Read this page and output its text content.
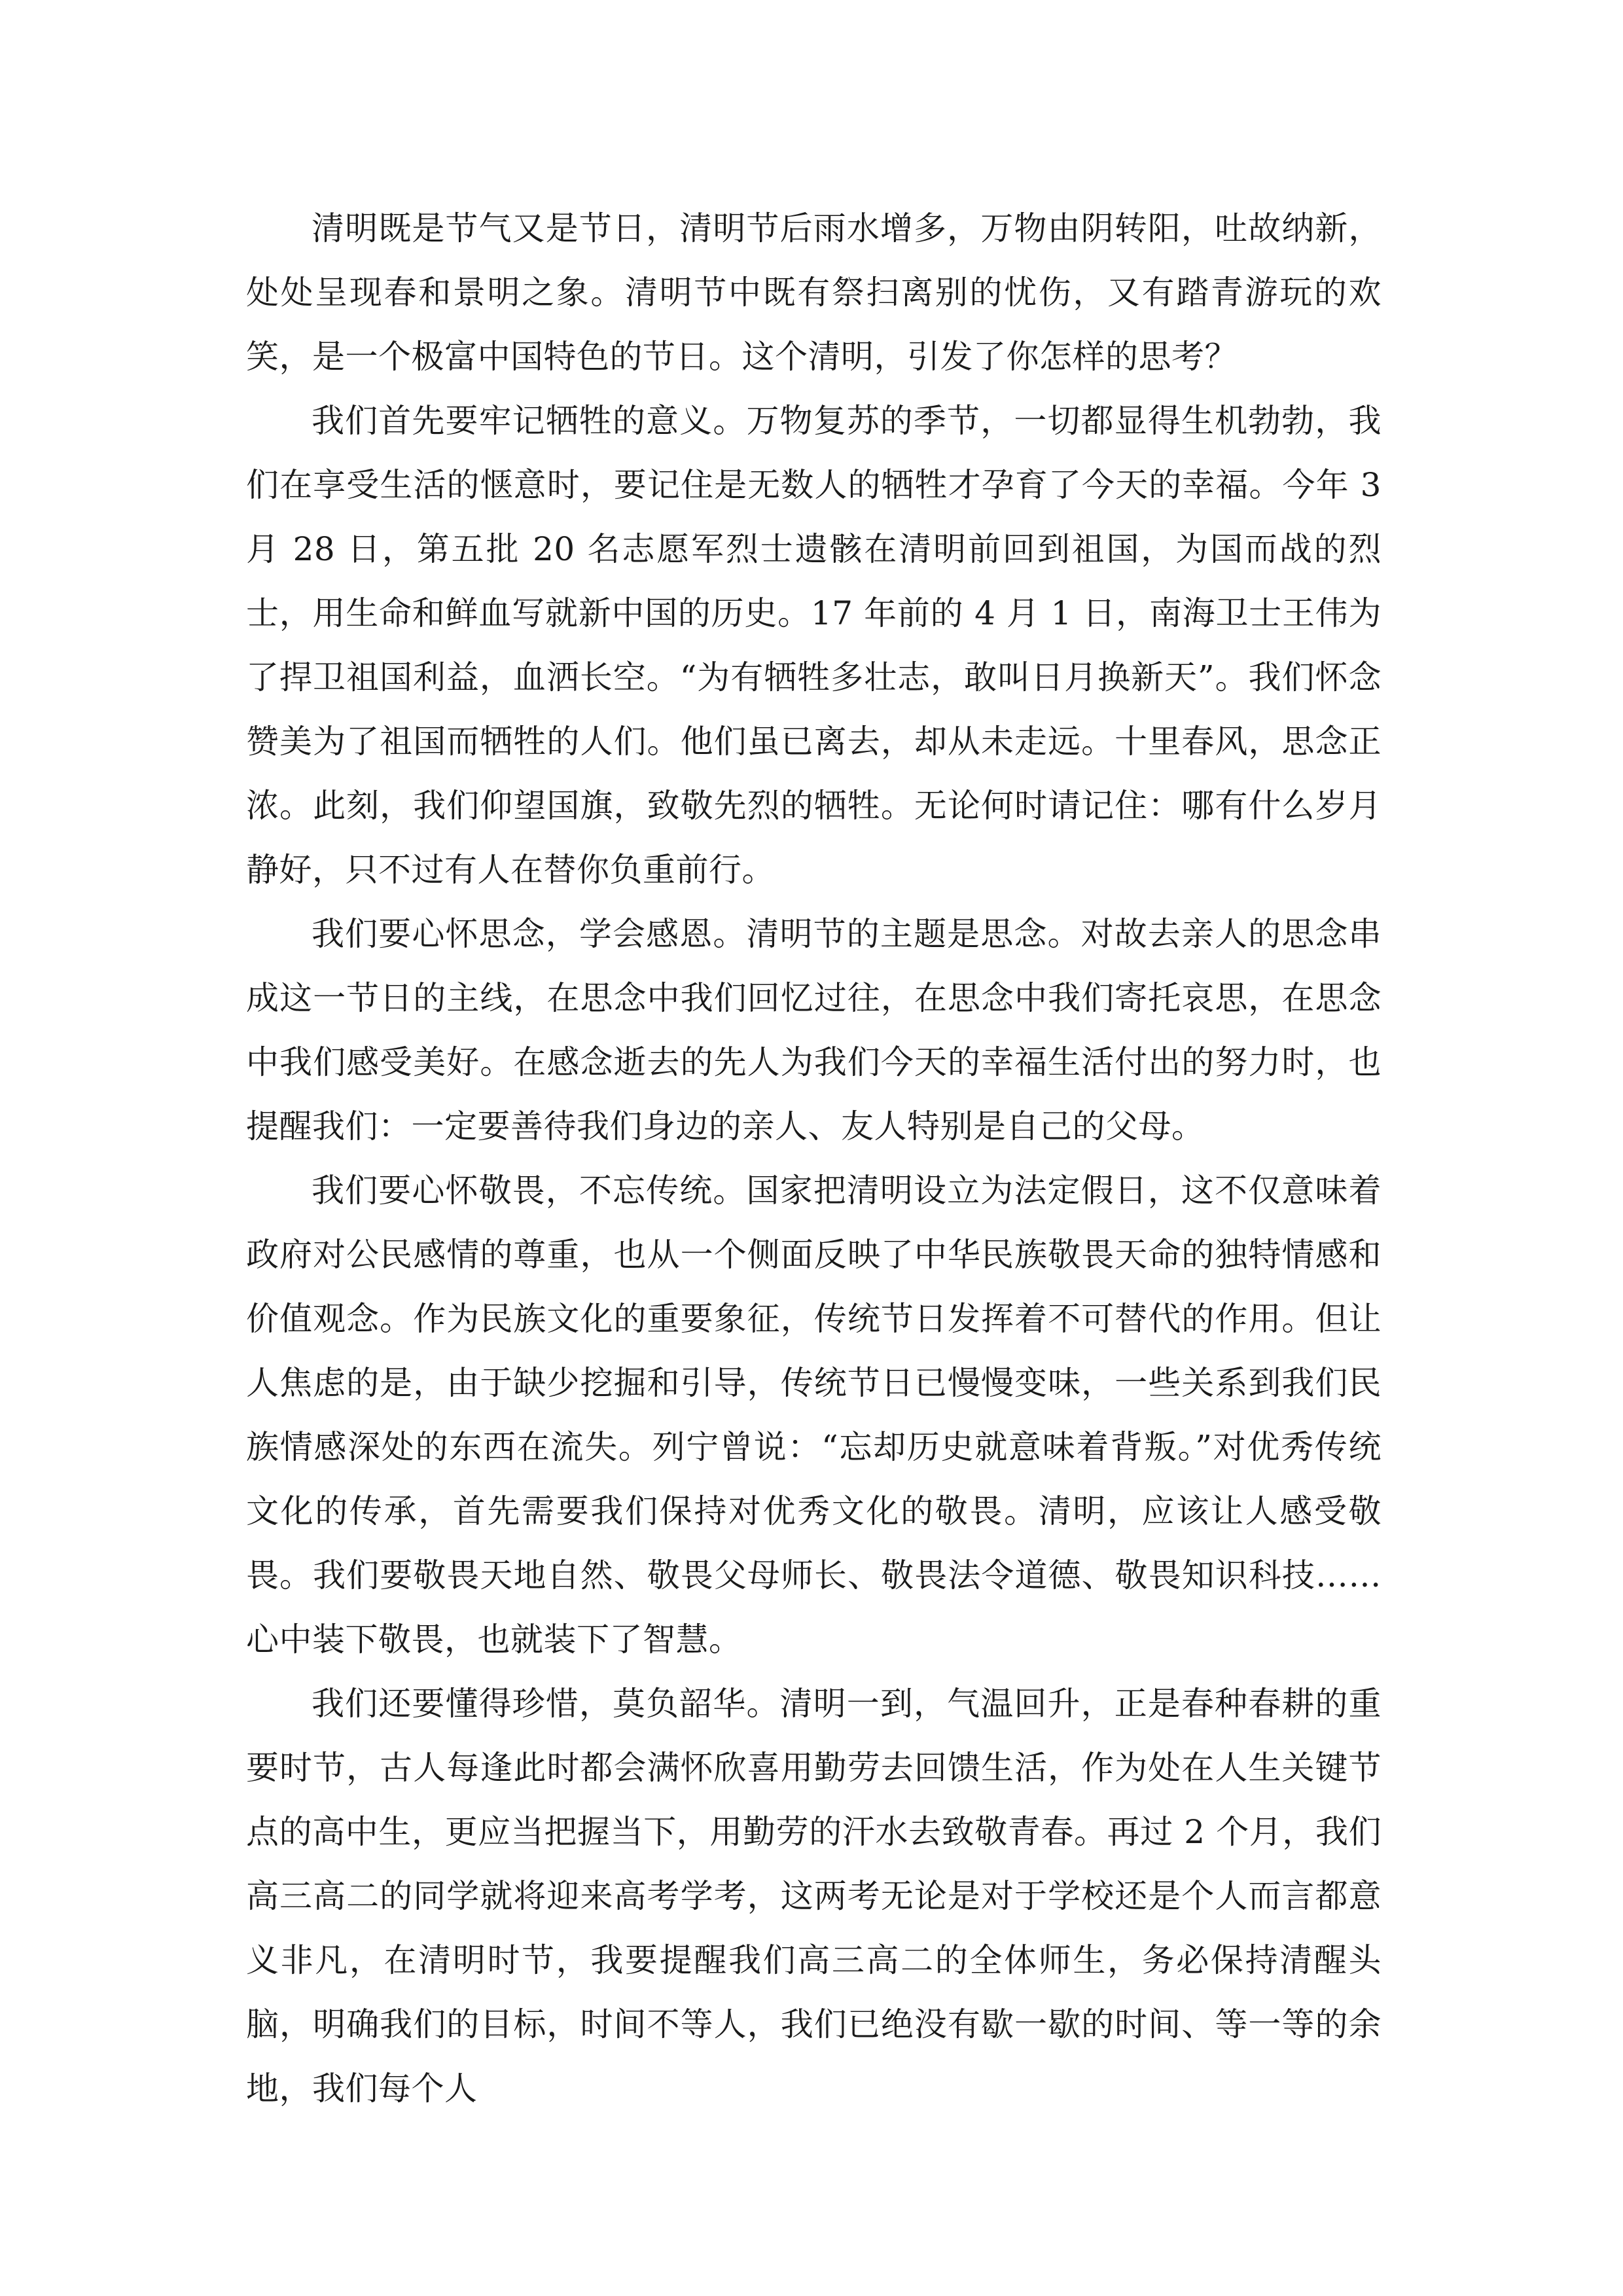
清明既是节气又是节日，清明节后雨水增多，万物由阴转阳，吐故纳新，处处呈现春和景明之象。清明节中既有祭扫离别的忧伤，又有踏青游玩的欢笑，是一个极富中国特色的节日。这个清明，引发了你怎样的思考？

我们首先要牢记牺牲的意义。万物复苏的季节，一切都显得生机勃勃，我们在享受生活的惬意时，要记住是无数人的牺牲才孕育了今天的幸福。今年 3 月 28 日，第五批 20 名志愿军烈士遗骸在清明前回到祖国，为国而战的烈士，用生命和鲜血写就新中国的历史。17 年前的 4 月 1 日，南海卫士王伟为了捍卫祖国利益，血洒长空。“为有牺牲多壮志，敢叫日月换新天”。我们怀念赞美为了祖国而牺牲的人们。他们虽已离去，却从未走远。十里春风，思念正浓。此刻，我们仰望国旗，致敬先烈的牺牲。无论何时请记住：哪有什么岁月静好，只不过有人在替你负重前行。

我们要心怀思念，学会感恩。清明节的主题是思念。对故去亲人的思念串成这一节日的主线，在思念中我们回忆过往，在思念中我们寄托哀思，在思念中我们感受美好。在感念逝去的先人为我们今天的幸福生活付出的努力时，也提醒我们：一定要善待我们身边的亲人、友人特别是自己的父母。

我们要心怀敬畏，不忘传统。国家把清明设立为法定假日，这不仅意味着政府对公民感情的尊重，也从一个侧面反映了中华民族敬畏天命的独特情感和价值观念。作为民族文化的重要象征，传统节日发挥着不可替代的作用。但让人焦虑的是，由于缺少挖掘和引导，传统节日已慢慢变味，一些关系到我们民族情感深处的东西在流失。列宁曾说：“忘却历史就意味着背叛。”对优秀传统文化的传承，首先需要我们保持对优秀文化的敬畏。清明，应该让人感受敬畏。我们要敬畏天地自然、敬畏父母师长、敬畏法令道德、敬畏知识科技……心中装下敬畏，也就装下了智慧。

我们还要懂得珍惜，莫负韶华。清明一到，气温回升，正是春种春耕的重要时节，古人每逢此时都会满怀欣喜用勤劳去回馈生活，作为处在人生关键节点的高中生，更应当把握当下，用勤劳的汗水去致敬青春。再过 2 个月，我们高三高二的同学就将迎来高考学考，这两考无论是对于学校还是个人而言都意义非凡，在清明时节，我要提醒我们高三高二的全体师生，务必保持清醒头脑，明确我们的目标，时间不等人，我们已绝没有歇一歇的时间、等一等的余地，我们每个人
